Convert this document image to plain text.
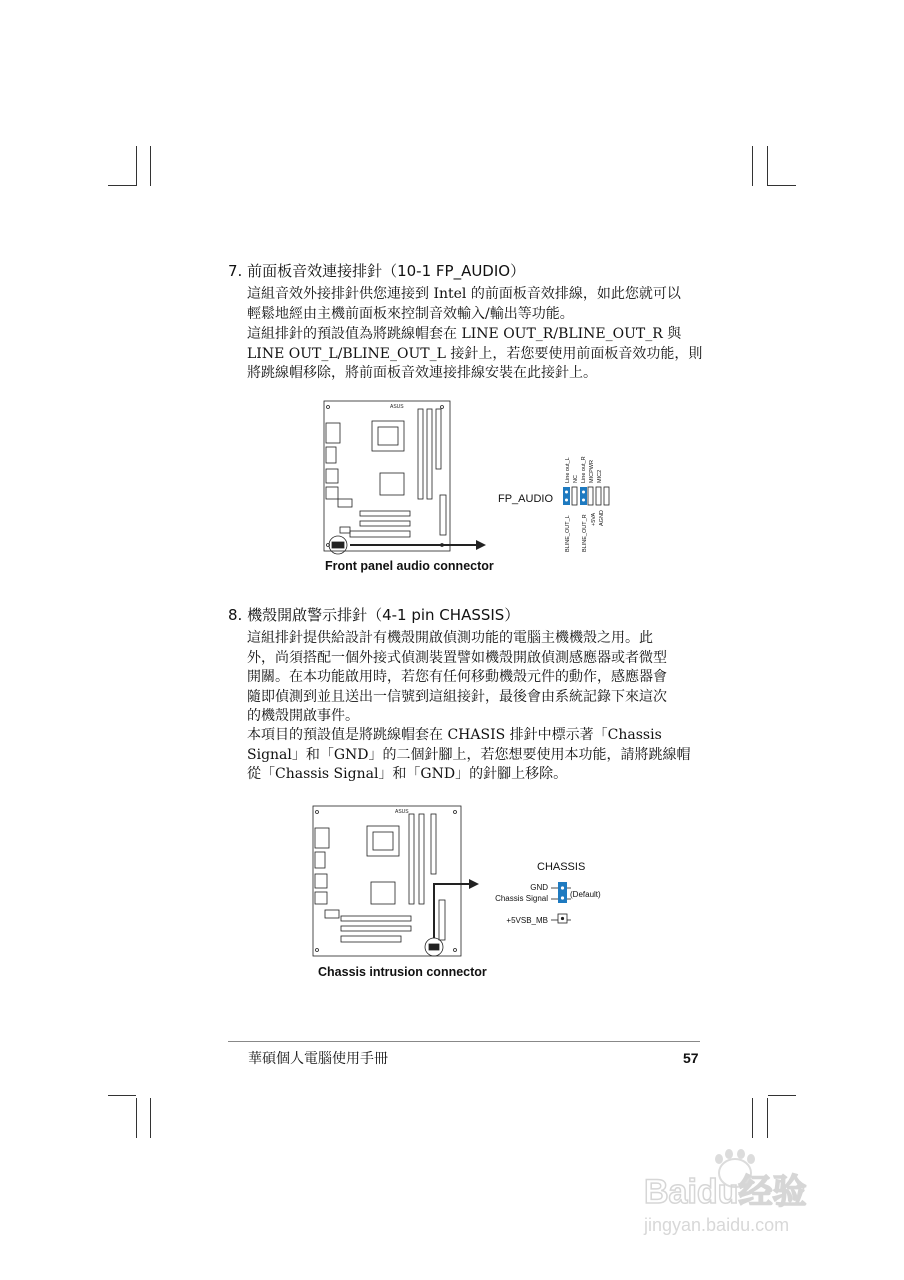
7. 前面板音效連接排針（10-1 FP_AUDIO）
這組音效外接排針供您連接到 Intel 的前面板音效排線，如此您就可以
輕鬆地經由主機前面板來控制音效輸入/輸出等功能。
這組排針的預設值為將跳線帽套在 LINE OUT_R/BLINE_OUT_R 與
LINE OUT_L/BLINE_OUT_L 接針上，若您要使用前面板音效功能，則
將跳線帽移除，將前面板音效連接排線安裝在此接針上。
ASUS
FP_AUDIO
Line out_L NC Line out_R MICPWR MIC2
BLINE_OUT_L BLINE_OUT_R +5VA AGND
Front panel audio connector
8. 機殼開啟警示排針（4-1 pin CHASSIS）
這組排針提供給設計有機殼開啟偵測功能的電腦主機機殼之用。此
外，尚須搭配一個外接式偵測裝置譬如機殼開啟偵測感應器或者微型
開關。在本功能啟用時，若您有任何移動機殼元件的動作，感應器會
隨即偵測到並且送出一信號到這組接針，最後會由系統記錄下來這次
的機殼開啟事件。
本項目的預設值是將跳線帽套在 CHASIS 排針中標示著「Chassis
Signal」和「GND」的二個針腳上，若您想要使用本功能，請將跳線帽
從「Chassis Signal」和「GND」的針腳上移除。
ASUS
CHASSIS
GND
Chassis Signal
+5VSB_MB
(Default)
Chassis intrusion connector
華碩個人電腦使用手冊	57
Baidu经验
jingyan.baidu.com
